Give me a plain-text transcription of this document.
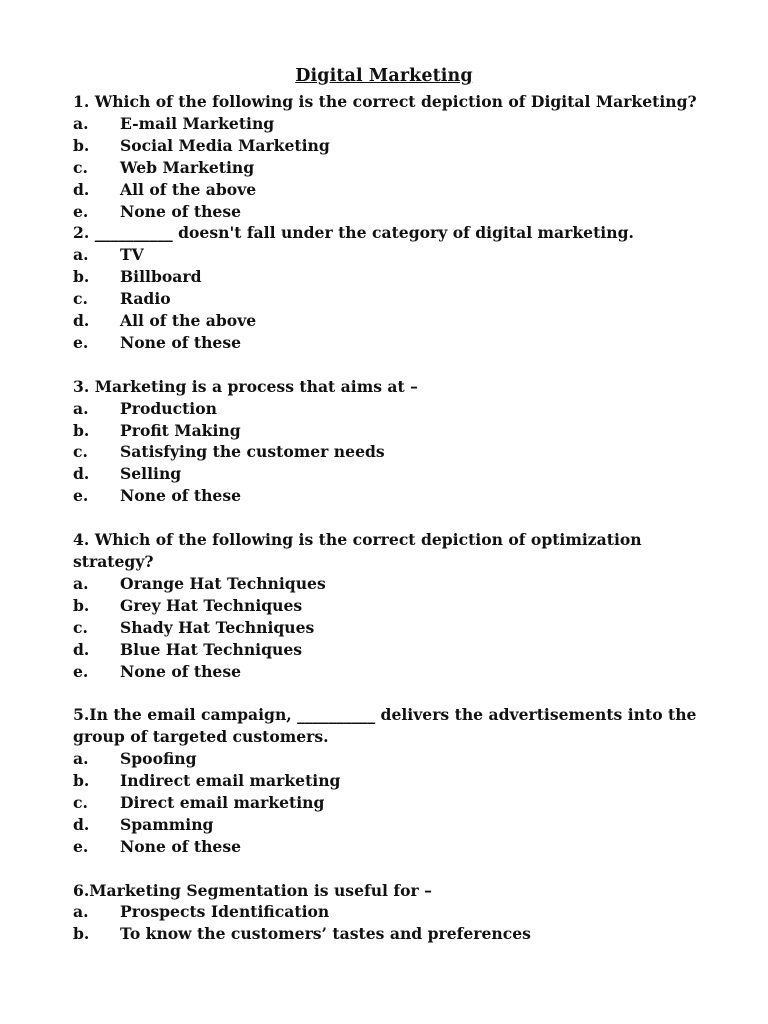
Digital Marketing
1. Which of the following is the correct depiction of Digital Marketing?
a.	E-mail Marketing
b.	Social Media Marketing
c.	Web Marketing
d.	All of the above
e.	None of these
2. __________ doesn't fall under the category of digital marketing.
a.	TV
b.	Billboard
c.	Radio
d.	All of the above
e.	None of these
3. Marketing is a process that aims at –
a.	Production
b.	Profit Making
c.	Satisfying the customer needs
d.	Selling
e.	None of these
4. Which of the following is the correct depiction of optimization strategy?
a.	Orange Hat Techniques
b.	Grey Hat Techniques
c.	Shady Hat Techniques
d.	Blue Hat Techniques
e.	None of these
5.In the email campaign, __________ delivers the advertisements into the group of targeted customers.
a.	Spoofing
b.	Indirect email marketing
c.	Direct email marketing
d.	Spamming
e.	None of these
6.Marketing Segmentation is useful for –
a.	Prospects Identification
b.	To know the customers’ tastes and preferences
